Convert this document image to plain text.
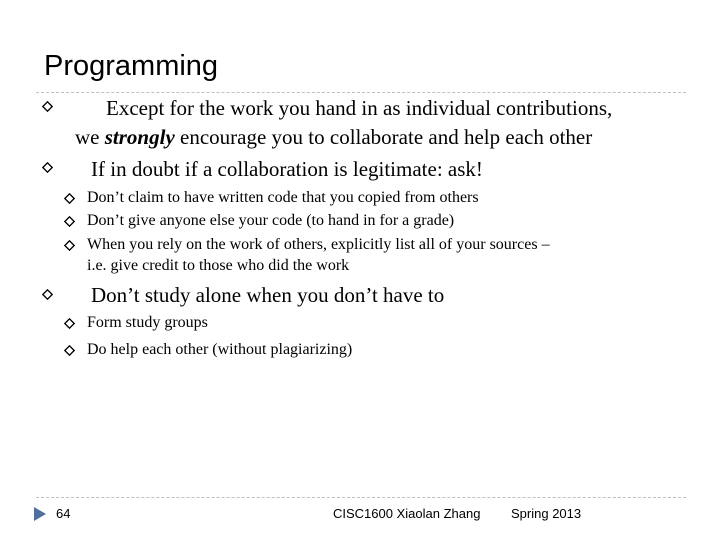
Programming
Except for the work you hand in as individual contributions,
we strongly encourage you to collaborate and help each other
If in doubt if a collaboration is legitimate: ask!
Don’t claim to have written code that you copied from others
Don’t give anyone else your code (to hand in for a grade)
When you rely on the work of others, explicitly list all of your sources –
i.e. give credit to those who did the work
Don’t study alone when you don’t have to
Form study groups
Do help each other (without plagiarizing)
64	CISC1600 Xiaolan Zhang Spring 2013
